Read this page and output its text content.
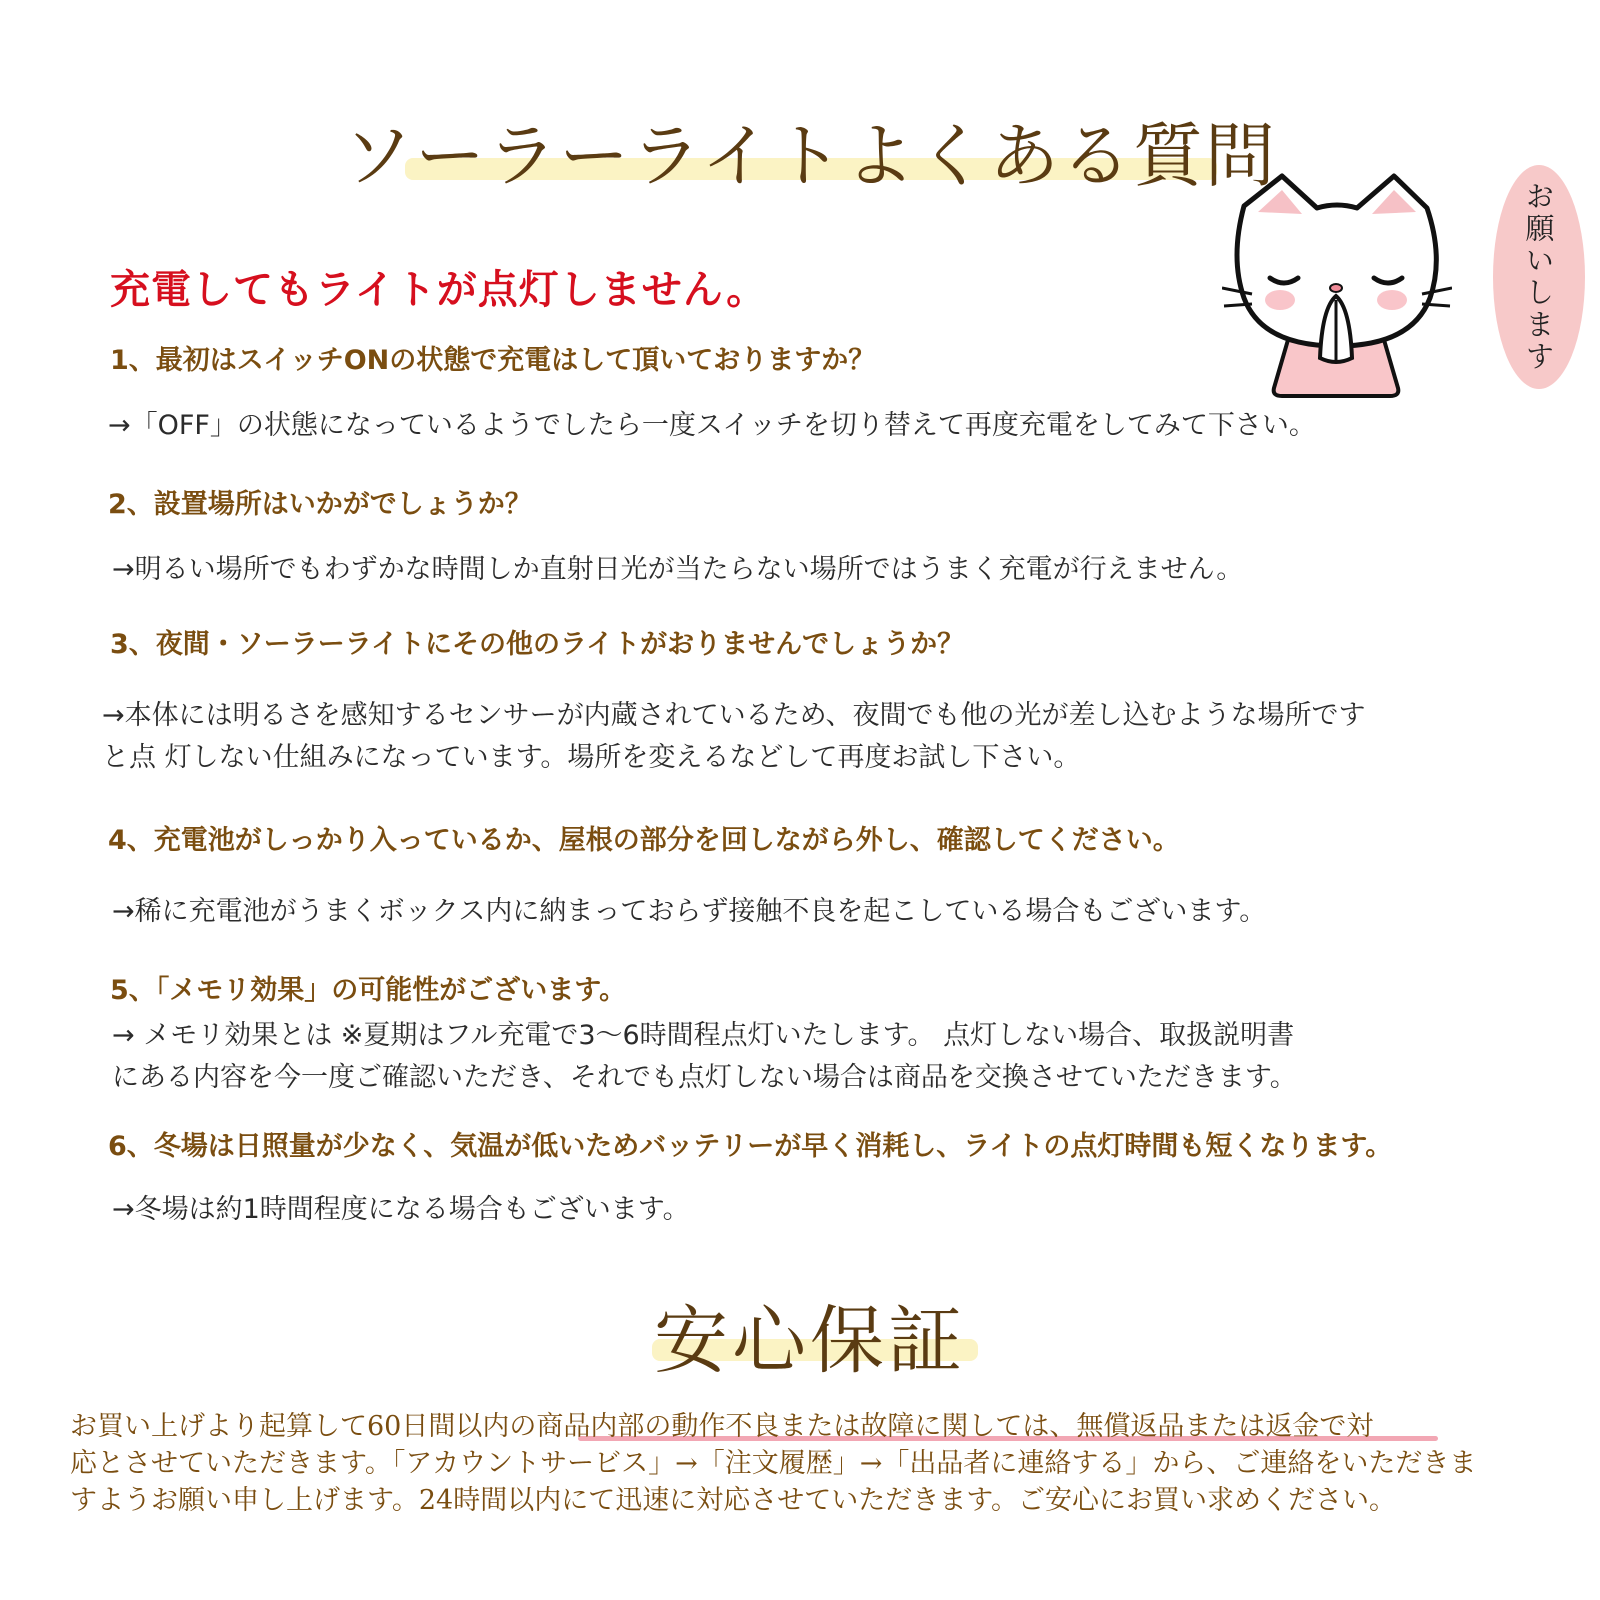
ソーラーライトよくある質問
充電してもライトが点灯しません。	お願いします
1、最初はスイッチONの状態で充電はして頂いておりますか？
→「OFF」の状態になっているようでしたら一度スイッチを切り替えて再度充電をしてみて下さい。
2、設置場所はいかがでしょうか？
→明るい場所でもわずかな時間しか直射日光が当たらない場所ではうまく充電が行えません。
3、夜間・ソーラーライトにその他のライトがおりませんでしょうか？
→本体には明るさを感知するセンサーが内蔵されているため、夜間でも他の光が差し込むような場所です
と点 灯しない仕組みになっています。場所を変えるなどして再度お試し下さい。
4、充電池がしっかり入っているか、屋根の部分を回しながら外し、確認してください。
→稀に充電池がうまくボックス内に納まっておらず接触不良を起こしている場合もございます。
5、「メモリ効果」の可能性がございます。
→ メモリ効果とは ※夏期はフル充電で3～6時間程点灯いたします。 点灯しない場合、取扱説明書
にある内容を今一度ご確認いただき、それでも点灯しない場合は商品を交換させていただきます。
6、冬場は日照量が少なく、気温が低いためバッテリーが早く消耗し、ライトの点灯時間も短くなります。
→冬場は約1時間程度になる場合もございます。
安心保証
お買い上げより起算して60日間以内の商品内部の動作不良または故障に関しては、無償返品または返金で対
応とさせていただきます。「アカウントサービス」→「注文履歴」→「出品者に連絡する」から、ご連絡をいただきま
すようお願い申し上げます。24時間以内にて迅速に対応させていただきます。ご安心にお買い求めください。
